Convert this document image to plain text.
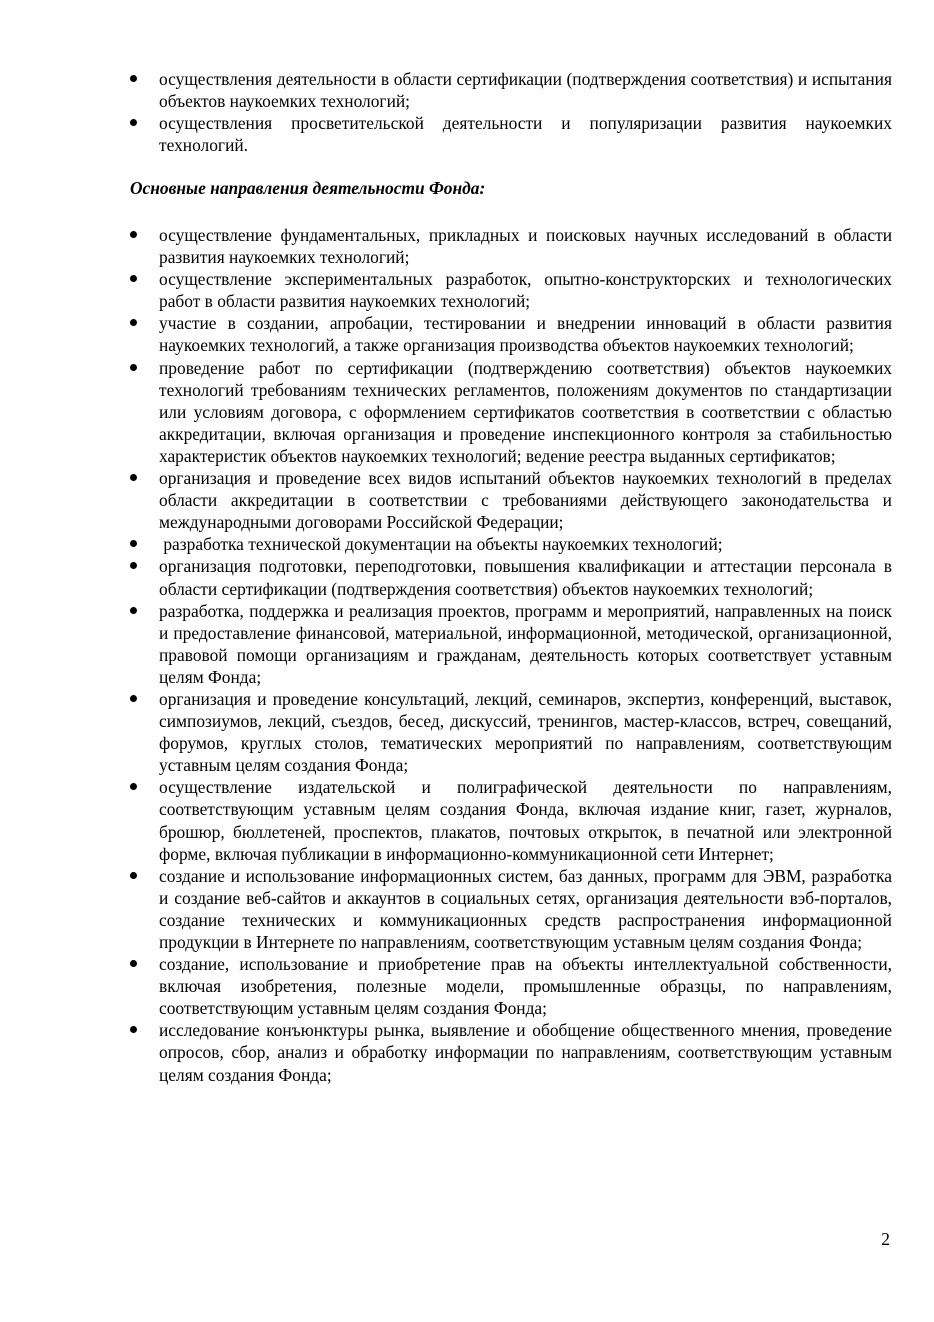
осуществления деятельности в области сертификации (подтверждения соответствия) и испытания объектов наукоемких технологий;
осуществления просветительской деятельности и популяризации развития наукоемких технологий.

Основные направления деятельности Фонда:

осуществление фундаментальных, прикладных и поисковых научных исследований в области развития наукоемких технологий;
осуществление экспериментальных разработок, опытно-конструкторских и технологических работ в области развития наукоемких технологий;
участие в создании, апробации, тестировании и внедрении инноваций в области развития наукоемких технологий, а также организация производства объектов наукоемких технологий;
проведение работ по сертификации (подтверждению соответствия) объектов наукоемких технологий требованиям технических регламентов, положениям документов по стандартизации или условиям договора, с оформлением сертификатов соответствия в соответствии с областью аккредитации, включая организация и проведение инспекционного контроля за стабильностью характеристик объектов наукоемких технологий; ведение реестра выданных сертификатов;
организация и проведение всех видов испытаний объектов наукоемких технологий в пределах области аккредитации в соответствии с требованиями действующего законодательства и международными договорами Российской Федерации;
разработка технической документации на объекты наукоемких технологий;
организация подготовки, переподготовки, повышения квалификации и аттестации персонала в области сертификации (подтверждения соответствия) объектов наукоемких технологий;
разработка, поддержка и реализация проектов, программ и мероприятий, направленных на поиск и предоставление финансовой, материальной, информационной, методической, организационной, правовой помощи организациям и гражданам, деятельность которых соответствует уставным целям Фонда;
организация и проведение консультаций, лекций, семинаров, экспертиз, конференций, выставок, симпозиумов, лекций, съездов, бесед, дискуссий, тренингов, мастер-классов, встреч, совещаний, форумов, круглых столов, тематических мероприятий по направлениям, соответствующим уставным целям создания Фонда;
осуществление издательской и полиграфической деятельности по направлениям, соответствующим уставным целям создания Фонда, включая издание книг, газет, журналов, брошюр, бюллетеней, проспектов, плакатов, почтовых открыток, в печатной или электронной форме, включая публикации в информационно-коммуникационной сети Интернет;
создание и использование информационных систем, баз данных, программ для ЭВМ, разработка и создание веб-сайтов и аккаунтов в социальных сетях, организация деятельности вэб-порталов, создание технических и коммуникационных средств распространения информационной продукции в Интернете по направлениям, соответствующим уставным целям создания Фонда;
создание, использование и приобретение прав на объекты интеллектуальной собственности, включая изобретения, полезные модели, промышленные образцы, по направлениям, соответствующим уставным целям создания Фонда;
исследование конъюнктуры рынка, выявление и обобщение общественного мнения, проведение опросов, сбор, анализ и обработку информации по направлениям, соответствующим уставным целям создания Фонда;
2
